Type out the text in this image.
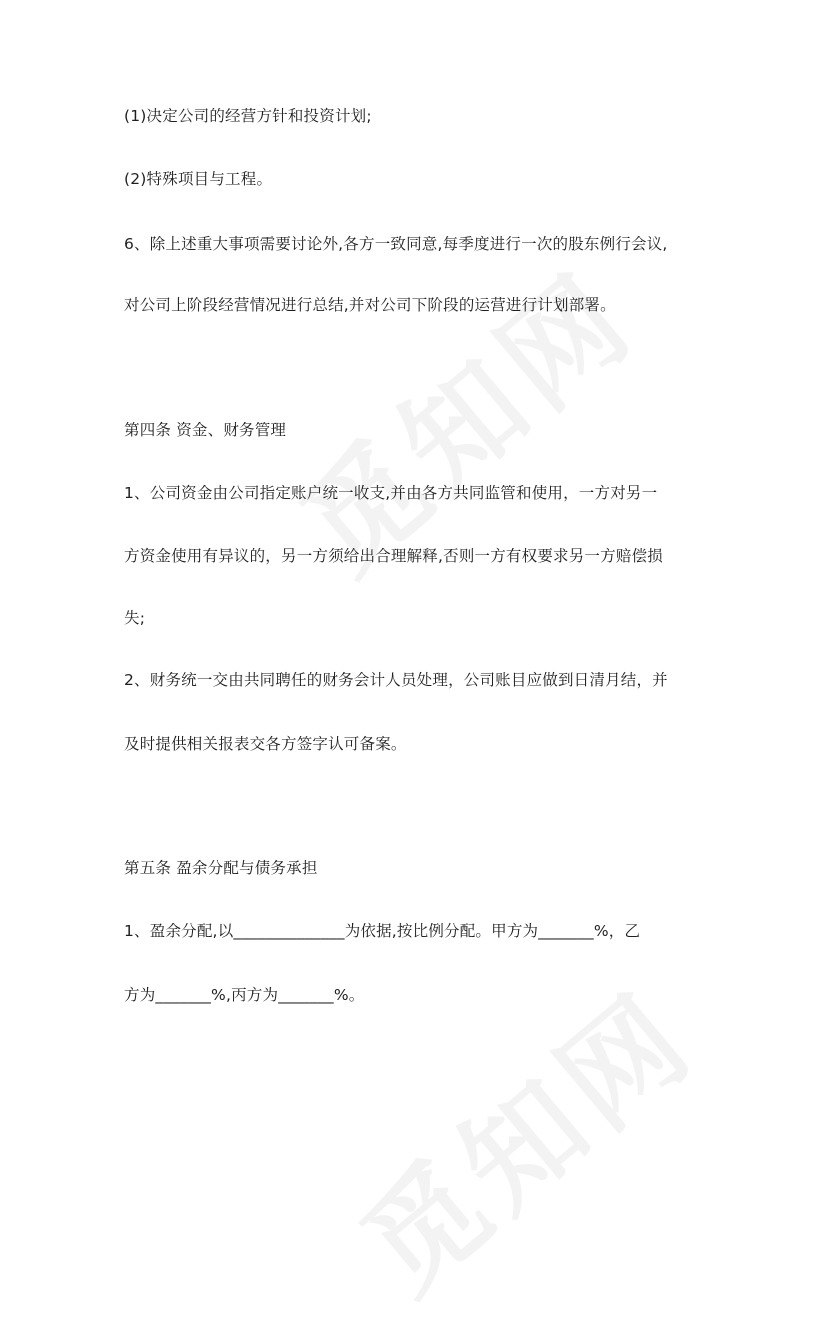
(1)决定公司的经营方针和投资计划;

(2)特殊项目与工程。

6、除上述重大事项需要讨论外,各方一致同意,每季度进行一次的股东例行会议,

对公司上阶段经营情况进行总结,并对公司下阶段的运营进行计划部署。

第四条 资金、财务管理

1、公司资金由公司指定账户统一收支,并由各方共同监管和使用，一方对另一

方资金使用有异议的，另一方须给出合理解释,否则一方有权要求另一方赔偿损

失;

2、财务统一交由共同聘任的财务会计人员处理，公司账目应做到日清月结，并

及时提供相关报表交各方签字认可备案。

第五条 盈余分配与债务承担

1、盈余分配,以______________为依据,按比例分配。甲方为_______%，乙

方为_______%,丙方为_______%。
